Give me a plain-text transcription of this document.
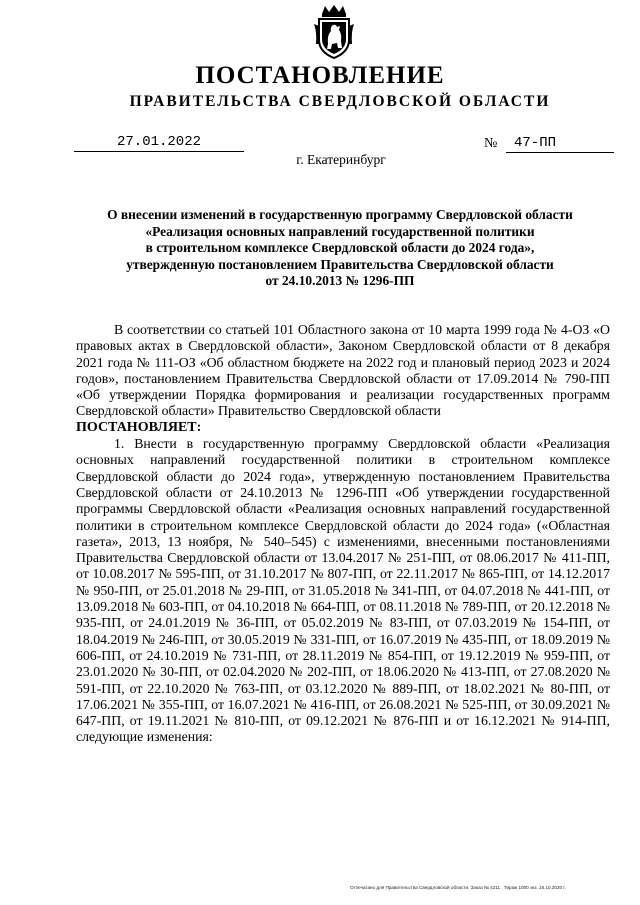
ПОСТАНОВЛЕНИЕ
ПРАВИТЕЛЬСТВА СВЕРДЛОВСКОЙ ОБЛАСТИ
27.01.2022	№	47-ПП
г. Екатеринбург
О внесении изменений в государственную программу Свердловской области
«Реализация основных направлений государственной политики
в строительном комплексе Свердловской области до 2024 года»,
утвержденную постановлением Правительства Свердловской области
от 24.10.2013 № 1296-ПП

В соответствии со статьей 101 Областного закона от 10 марта 1999 года № 4-ОЗ «О правовых актах в Свердловской области», Законом Свердловской области от 8 декабря 2021 года № 111-ОЗ «Об областном бюджете на 2022 год и плановый период 2023 и 2024 годов», постановлением Правительства Свердловской области от 17.09.2014 № 790-ПП «Об утверждении Порядка формирования и реализации государственных программ Свердловской области» Правительство Свердловской области

ПОСТАНОВЛЯЕТ:

1. Внести в государственную программу Свердловской области «Реализация основных направлений государственной политики в строительном комплексе Свердловской области до 2024 года», утвержденную постановлением Правительства Свердловской области от 24.10.2013 № 1296-ПП «Об утверждении государственной программы Свердловской области «Реализация основных направлений государственной политики в строительном комплексе Свердловской области до 2024 года» («Областная газета», 2013, 13 ноября, № 540–545) с изменениями, внесенными постановлениями Правительства Свердловской области от 13.04.2017 № 251-ПП, от 08.06.2017 № 411-ПП, от 10.08.2017 № 595-ПП, от 31.10.2017 № 807-ПП, от 22.11.2017 № 865-ПП, от 14.12.2017 № 950-ПП, от 25.01.2018 № 29-ПП, от 31.05.2018 № 341-ПП, от 04.07.2018 № 441-ПП, от 13.09.2018 № 603-ПП, от 04.10.2018 № 664-ПП, от 08.11.2018 № 789-ПП, от 20.12.2018 № 935-ПП, от 24.01.2019 № 36-ПП, от 05.02.2019 № 83-ПП, от 07.03.2019 № 154-ПП, от 18.04.2019 № 246-ПП, от 30.05.2019 № 331-ПП, от 16.07.2019 № 435-ПП, от 18.09.2019 № 606-ПП, от 24.10.2019 № 731-ПП, от 28.11.2019 № 854-ПП, от 19.12.2019 № 959-ПП, от 23.01.2020 № 30-ПП, от 02.04.2020 № 202-ПП, от 18.06.2020 № 413-ПП, от 27.08.2020 № 591-ПП, от 22.10.2020 № 763-ПП, от 03.12.2020 № 889-ПП, от 18.02.2021 № 80-ПП, от 17.06.2021 № 355-ПП, от 16.07.2021 № 416-ПП, от 26.08.2021 № 525-ПП, от 30.09.2021 № 647-ПП, от 19.11.2021 № 810-ПП, от 09.12.2021 № 876-ПП и от 16.12.2021 № 914-ПП, следующие изменения:

Отпечатано для Правительства Свердловской области. Заказ № 4211 . Тираж 1000 экз. 16.10.2020 г.
